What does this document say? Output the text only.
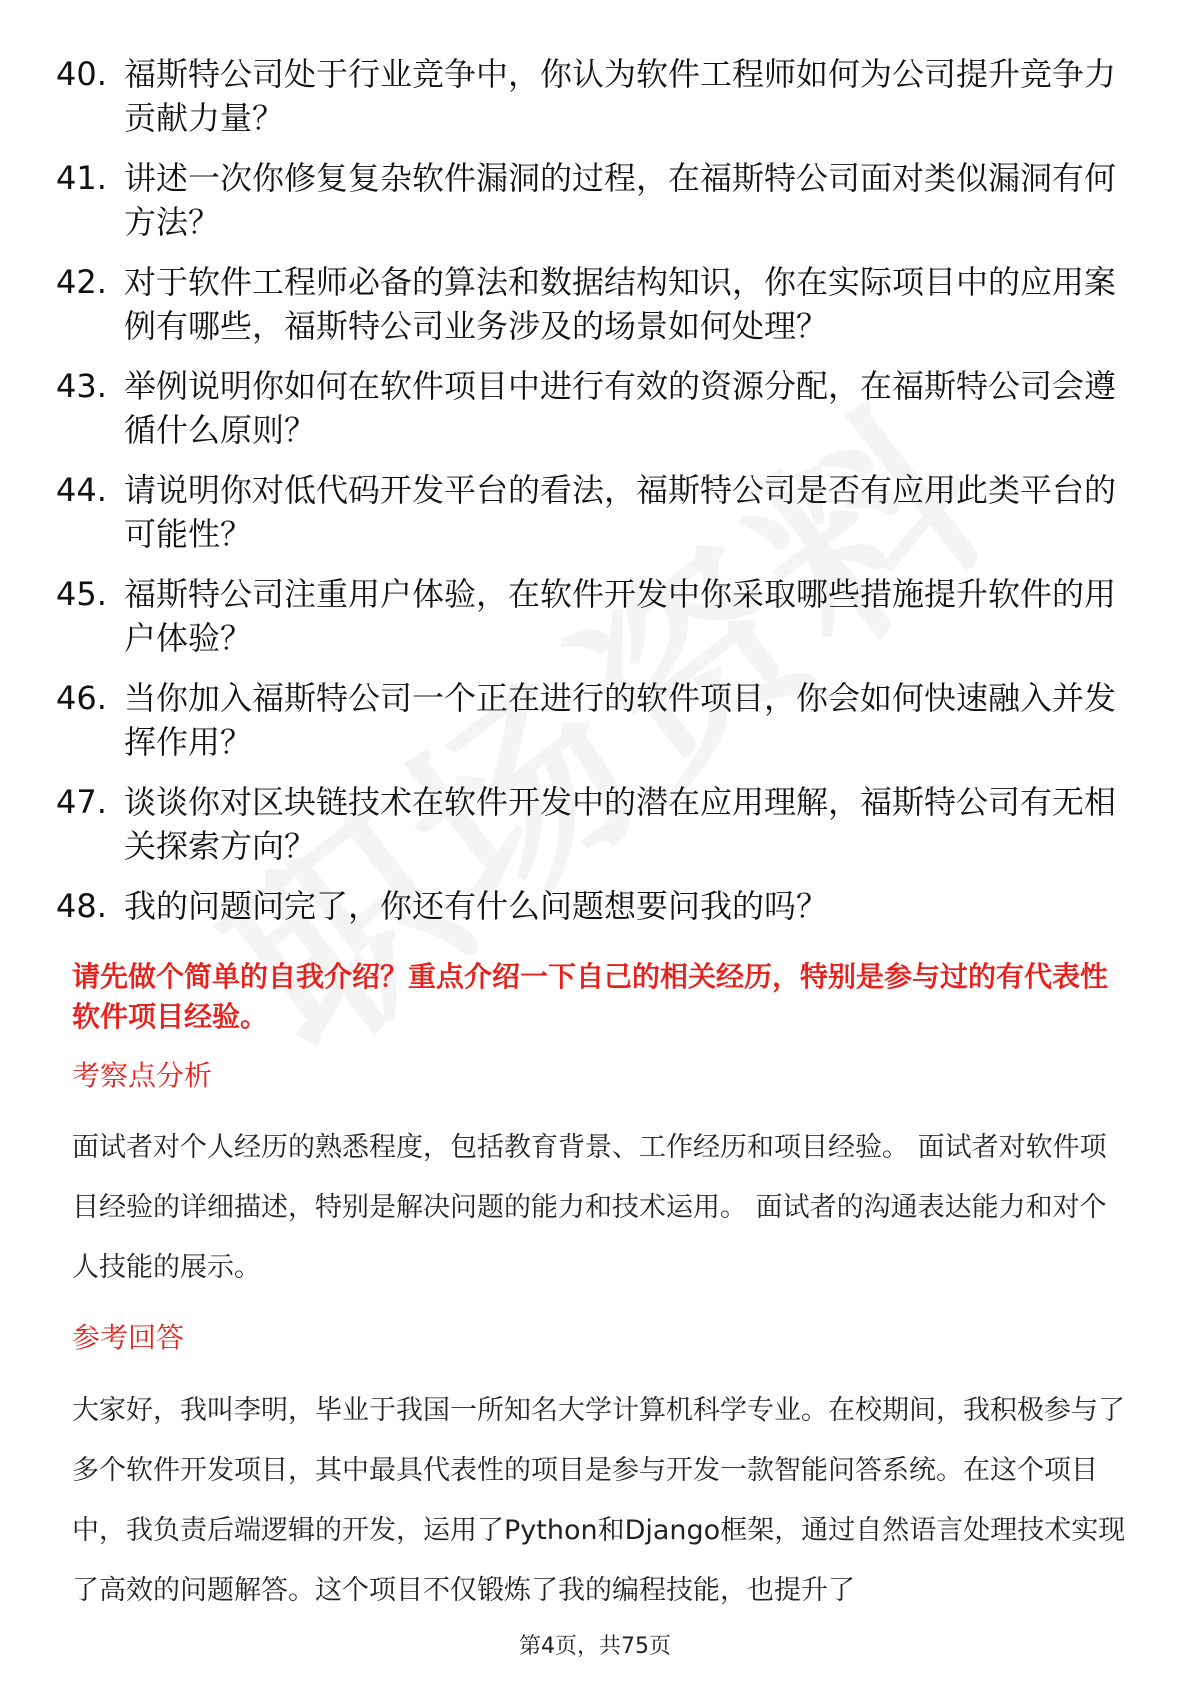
40. 福斯特公司处于行业竞争中，你认为软件工程师如何为公司提升竞争力贡献力量？
41. 讲述一次你修复复杂软件漏洞的过程，在福斯特公司面对类似漏洞有何方法？
42. 对于软件工程师必备的算法和数据结构知识，你在实际项目中的应用案例有哪些，福斯特公司业务涉及的场景如何处理？
43. 举例说明你如何在软件项目中进行有效的资源分配，在福斯特公司会遵循什么原则？
44. 请说明你对低代码开发平台的看法，福斯特公司是否有应用此类平台的可能性？
45. 福斯特公司注重用户体验，在软件开发中你采取哪些措施提升软件的用户体验？
46. 当你加入福斯特公司一个正在进行的软件项目，你会如何快速融入并发挥作用？
47. 谈谈你对区块链技术在软件开发中的潜在应用理解，福斯特公司有无相关探索方向？
48. 我的问题问完了，你还有什么问题想要问我的吗？
请先做个简单的自我介绍？重点介绍一下自己的相关经历，特别是参与过的有代表性软件项目经验。
考察点分析
面试者对个人经历的熟悉程度，包括教育背景、工作经历和项目经验。 面试者对软件项目经验的详细描述，特别是解决问题的能力和技术运用。 面试者的沟通表达能力和对个人技能的展示。
参考回答
大家好，我叫李明，毕业于我国一所知名大学计算机科学专业。在校期间，我积极参与了多个软件开发项目，其中最具代表性的项目是参与开发一款智能问答系统。在这个项目中，我负责后端逻辑的开发，运用了Python和Django框架，通过自然语言处理技术实现了高效的问题解答。这个项目不仅锻炼了我的编程技能，也提升了
第4页，共75页
